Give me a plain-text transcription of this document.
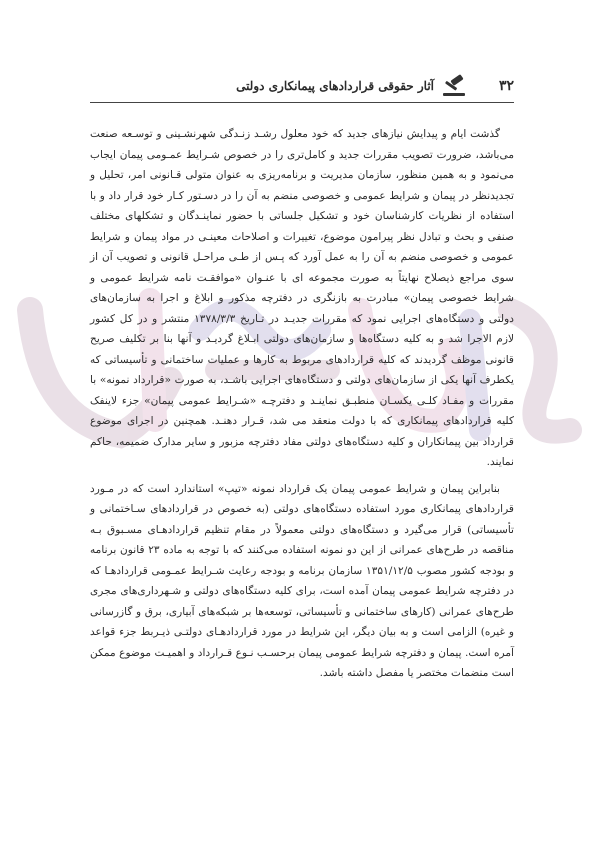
۳۲
آثار حقوقی قراردادهای پیمانکاری دولتی

گذشت ایام و پیدایش نیازهای جدید که خود معلول رشـد زنـدگی شهرنشـینی و توسـعه صنعت می‌باشد، ضرورت تصویب مقررات جدید و کامل‌تری را در خصوص شـرایط عمـومی پیمان ایجاب می‌نمود و به همین منظور، سازمان مدیریت و برنامه‌ریزی به عنوان متولی قـانونی امر، تحلیل و تجدیدنظر در پیمان و شرایط عمومی و خصوصی منضم به آن را در دسـتور کـار خود قرار داد و با استفاده از نظریات کارشناسان خود و تشکیل جلساتی با حضور نماینـدگان و تشکلهای مختلف صنفی و بحث و تبادل نظر پیرامون موضوع، تغییرات و اصلاحات معینـی در مواد پیمان و شرایط عمومی و خصوصی منضم به آن را به عمل آورد که پـس از طـی مراحـل قانونی و تصویب آن از سوی مراجع ذیصلاح نهایتاً به صورت مجموعه ای با عنـوان «موافقـت نامه شرایط عمومی و شرایط خصوصی پیمان» مبادرت به بازنگری در دفترچه مذکور و ابلاغ و اجرا به سازمان‌های دولتی و دستگاه‌های اجرایی نمود که مقررات جدیـد در تـاریخ ۱۳۷۸/۳/۳ منتشر و در کل کشور لازم الاجرا شد و به کلیه دستگاه‌ها و سازمان‌های دولتی ابـلاغ گردیـد و آنها بنا بر تکلیف صریح قانونی موظف گردیدند که کلیه قراردادهای مربوط به کارها و عملیات ساختمانی و تأسیساتی که یکطرف آنها یکی از سازمان‌های دولتی و دستگاه‌های اجرایی باشـد، به صورت «قرارداد نمونه» با مقررات و مفـاد کلـی یکسـان منطبـق نماینـد و دفترچـه «شـرایط عمومی پیمان» جزء لاینفک کلیه قراردادهای پیمانکاری که با دولت منعقد می شد، قـرار دهنـد. همچنین در اجرای موضوع قرارداد بین پیمانکاران و کلیه دستگاه‌های دولتی مفاد دفترچه مزبور و سایر مدارک ضمیمه، حاکم نمایند.

بنابراین پیمان و شرایط عمومی پیمان یک قرارداد نمونه «تیپ» استاندارد است که در مـورد قراردادهای پیمانکاری مورد استفاده دستگاه‌های دولتی (به خصوص در قراردادهای سـاختمانی و تأسیساتی) قرار می‌گیرد و دستگاه‌های دولتی معمولاً در مقام تنظیم قراردادهـای مسـبوق بـه مناقصه در طرح‌های عمرانی از این دو نمونه استفاده می‌کنند که با توجه به ماده ۲۳ قانون برنامه و بودجه کشور مصوب ۱۳۵۱/۱۲/۵ سازمان برنامه و بودجه رعایت شـرایط عمـومی قراردادهـا که در دفترچه شرایط عمومی پیمان آمده است، برای کلیه دستگاه‌های دولتی و شـهرداری‌های مجری طرح‌های عمرانی (کارهای ساختمانی و تأسیساتی، توسعه‌ها بر شبکه‌های آبیاری، برق و گازرسانی و غیره) الزامی است و به بیان دیگر، این شرایط در مورد قراردادهـای دولتـی ذیـربط جزء قواعد آمره است. پیمان و دفترچه شرایط عمومی پیمان برحسـب نـوع قـرارداد و اهمیـت موضوع ممکن است منضمات مختصر یا مفصل داشته باشد.
